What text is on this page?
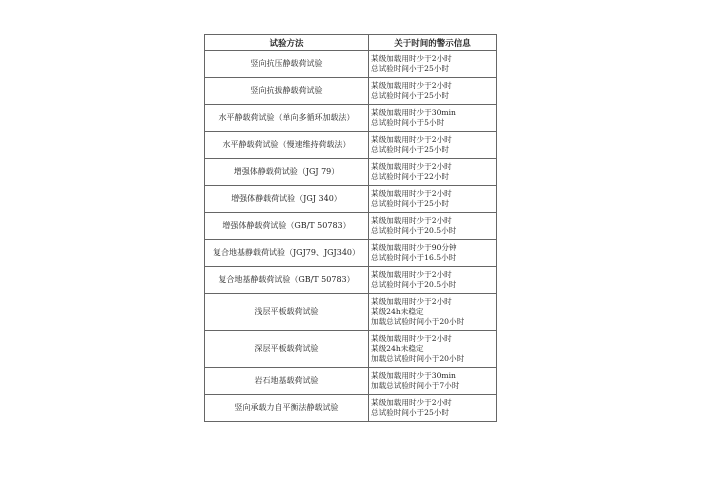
试验方法	关于时间的警示信息
竖向抗压静载荷试验	某级加载用时少于2小时
总试验时间小于25小时

竖向抗拔静载荷试验	某级加载用时少于2小时
总试验时间小于25小时

水平静载荷试验（单向多循环加载法）	某级加载用时少于30min
总试验时间小于5小时

水平静载荷试验（慢速维持荷载法）	某级加载用时少于2小时
总试验时间小于25小时

增强体静载荷试验（JGJ 79）	某级加载用时少于2小时
总试验时间小于22小时

增强体静载荷试验（JGJ 340）	某级加载用时少于2小时
总试验时间小于25小时

增强体静载荷试验（GB/T 50783）	某级加载用时少于2小时
总试验时间小于20.5小时

复合地基静载荷试验（JGJ79、JGJ340）	某级加载用时少于90分钟
总试验时间小于16.5小时

复合地基静载荷试验（GB/T 50783）	某级加载用时少于2小时
总试验时间小于20.5小时

浅层平板载荷试验	某级加载用时少于2小时
某级24h未稳定
加载总试验时间小于20小时

深层平板载荷试验	某级加载用时少于2小时
某级24h未稳定
加载总试验时间小于20小时

岩石地基载荷试验	某级加载用时少于30min
加载总试验时间小于7小时

竖向承载力自平衡法静载试验	某级加载用时少于2小时
总试验时间小于25小时
